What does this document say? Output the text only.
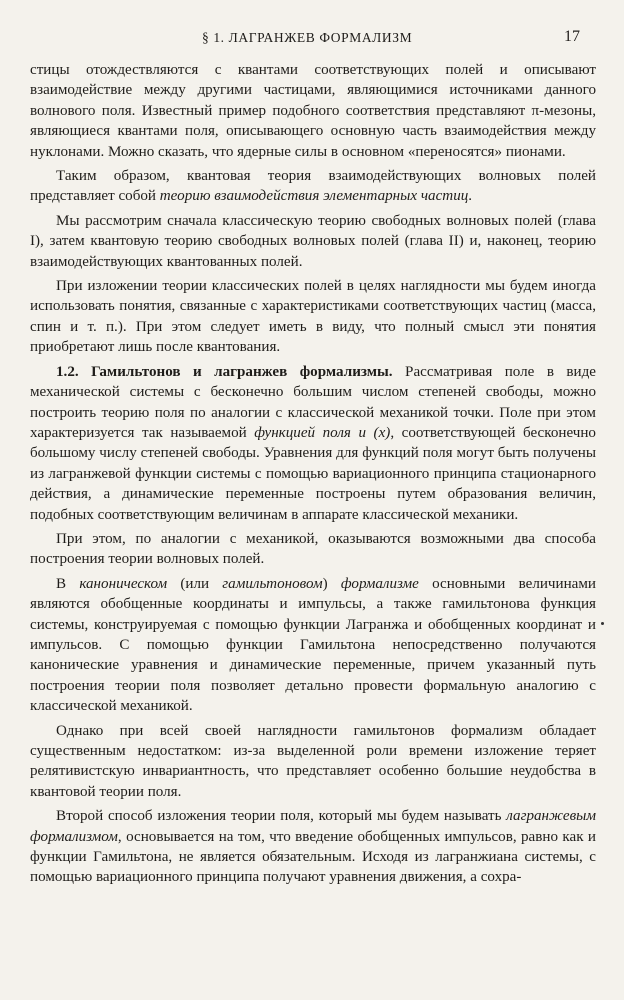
§ 1. ЛАГРАНЖЕВ ФОРМАЛИЗМ	17

стицы отождествляются с квантами соответствующих полей и описывают взаимодействие между другими частицами, являющимися источниками данного волнового поля. Известный пример подобного соответствия представляют π-мезоны, являющиеся квантами поля, описывающего основную часть взаимодействия между нуклонами. Можно сказать, что ядерные силы в основном «переносятся» пионами.

Таким образом, квантовая теория взаимодействующих волновых полей представляет собой теорию взаимодействия элементарных частиц.

Мы рассмотрим сначала классическую теорию свободных волновых полей (глава I), затем квантовую теорию свободных волновых полей (глава II) и, наконец, теорию взаимодействующих квантованных полей.

При изложении теории классических полей в целях наглядности мы будем иногда использовать понятия, связанные с характеристиками соответствующих частиц (масса, спин и т. п.). При этом следует иметь в виду, что полный смысл эти понятия приобретают лишь после квантования.

1.2. Гамильтонов и лагранжев формализмы. Рассматривая поле в виде механической системы с бесконечно большим числом степеней свободы, можно построить теорию поля по аналогии с классической механикой точки. Поле при этом характеризуется так называемой функцией поля u (x), соответствующей бесконечно большому числу степеней свободы. Уравнения для функций поля могут быть получены из лагранжевой функции системы с помощью вариационного принципа стационарного действия, а динамические переменные построены путем образования величин, подобных соответствующим величинам в аппарате классической механики.

При этом, по аналогии с механикой, оказываются возможными два способа построения теории волновых полей.

В каноническом (или гамильтоновом) формализме основными величинами являются обобщенные координаты и импульсы, а также гамильтонова функция системы, конструируемая с помощью функции Лагранжа и обобщенных координат и импульсов. С помощью функции Гамильтона непосредственно получаются канонические уравнения и динамические переменные, причем указанный путь построения теории поля позволяет детально провести формальную аналогию с классической механикой.

Однако при всей своей наглядности гамильтонов формализм обладает существенным недостатком: из-за выделенной роли времени изложение теряет релятивистскую инвариантность, что представляет особенно большие неудобства в квантовой теории поля.

Второй способ изложения теории поля, который мы будем называть лагранжевым формализмом, основывается на том, что введение обобщенных импульсов, равно как и функции Гамильтона, не является обязательным. Исходя из лагранжиана системы, с помощью вариационного принципа получают уравнения движения, а сохра-
